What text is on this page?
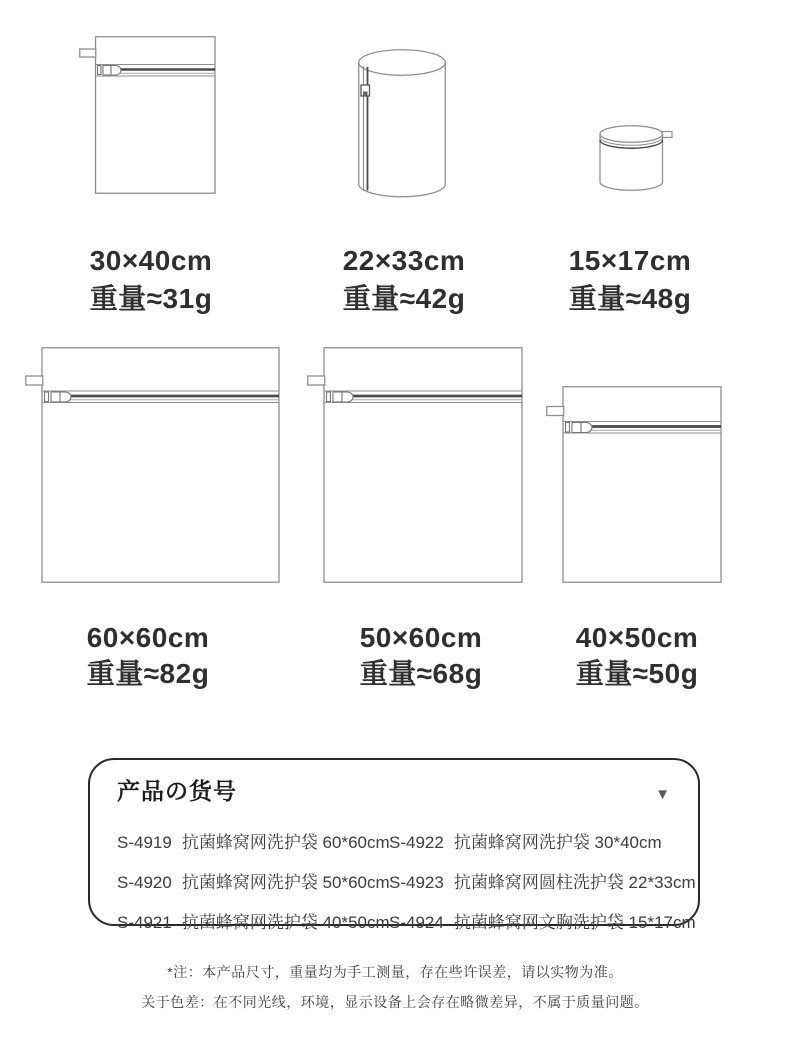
30×40cm
重量≈31g
22×33cm
重量≈42g
15×17cm
重量≈48g
60×60cm
重量≈82g
50×60cm
重量≈68g
40×50cm
重量≈50g
产品の货号	▼
S-4919 抗菌蜂窝网洗护袋 60*60cm S-4922 抗菌蜂窝网洗护袋 30*40cm
S-4920 抗菌蜂窝网洗护袋 50*60cm S-4923 抗菌蜂窝网圆柱洗护袋 22*33cm
S-4921 抗菌蜂窝网洗护袋 40*50cm S-4924 抗菌蜂窝网文胸洗护袋 15*17cm
*注：本产品尺寸，重量均为手工测量，存在些许误差，请以实物为准。
关于色差：在不同光线，环境，显示设备上会存在略微差异，不属于质量问题。
